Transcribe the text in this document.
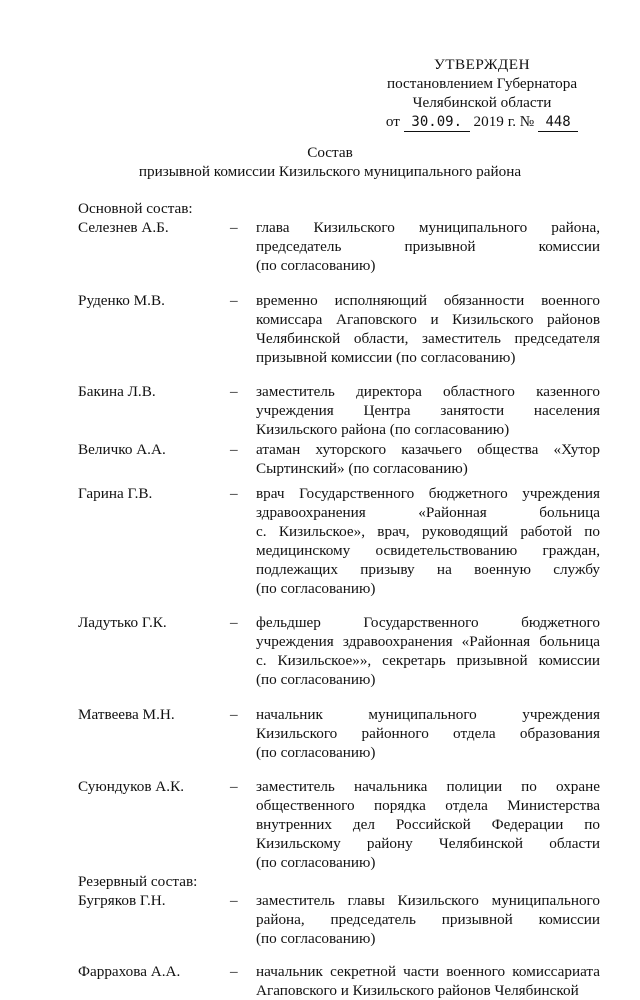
УТВЕРЖДЕН
постановлением Губернатора
Челябинской области
от 30.09. 2019 г. № 448
Состав
призывной комиссии Кизильского муниципального района
Основной состав:
Селезнев А.Б.	–	глава Кизильского муниципального района,
председатель призывной комиссии
(по согласованию)
Руденко М.В.	–	временно исполняющий обязанности военного
комиссара Агаповского и Кизильского районов
Челябинской области, заместитель председателя
призывной комиссии (по согласованию)
Бакина Л.В.	–	заместитель директора областного казенного
учреждения Центра занятости населения
Кизильского района (по согласованию)
Величко А.А.	–	атаман хуторского казачьего общества «Хутор
Сыртинский» (по согласованию)
Гарина Г.В.	–	врач Государственного бюджетного учреждения
здравоохранения «Районная больница
с. Кизильское», врач, руководящий работой по
медицинскому освидетельствованию граждан,
подлежащих призыву на военную службу
(по согласованию)
Ладутько Г.К.	–	фельдшер Государственного бюджетного
учреждения здравоохранения «Районная больница
с. Кизильское»», секретарь призывной комиссии
(по согласованию)
Матвеева М.Н.	–	начальник муниципального учреждения
Кизильского районного отдела образования
(по согласованию)
Суюндуков А.К.	–	заместитель начальника полиции по охране
общественного порядка отдела Министерства
внутренних дел Российской Федерации по
Кизильскому району Челябинской области
(по согласованию)
Резервный состав:
Бугряков Г.Н.	–	заместитель главы Кизильского муниципального
района, председатель призывной комиссии
(по согласованию)
Фаррахова А.А.	–	начальник секретной части военного комиссариата
Агаповского и Кизильского районов Челябинской
